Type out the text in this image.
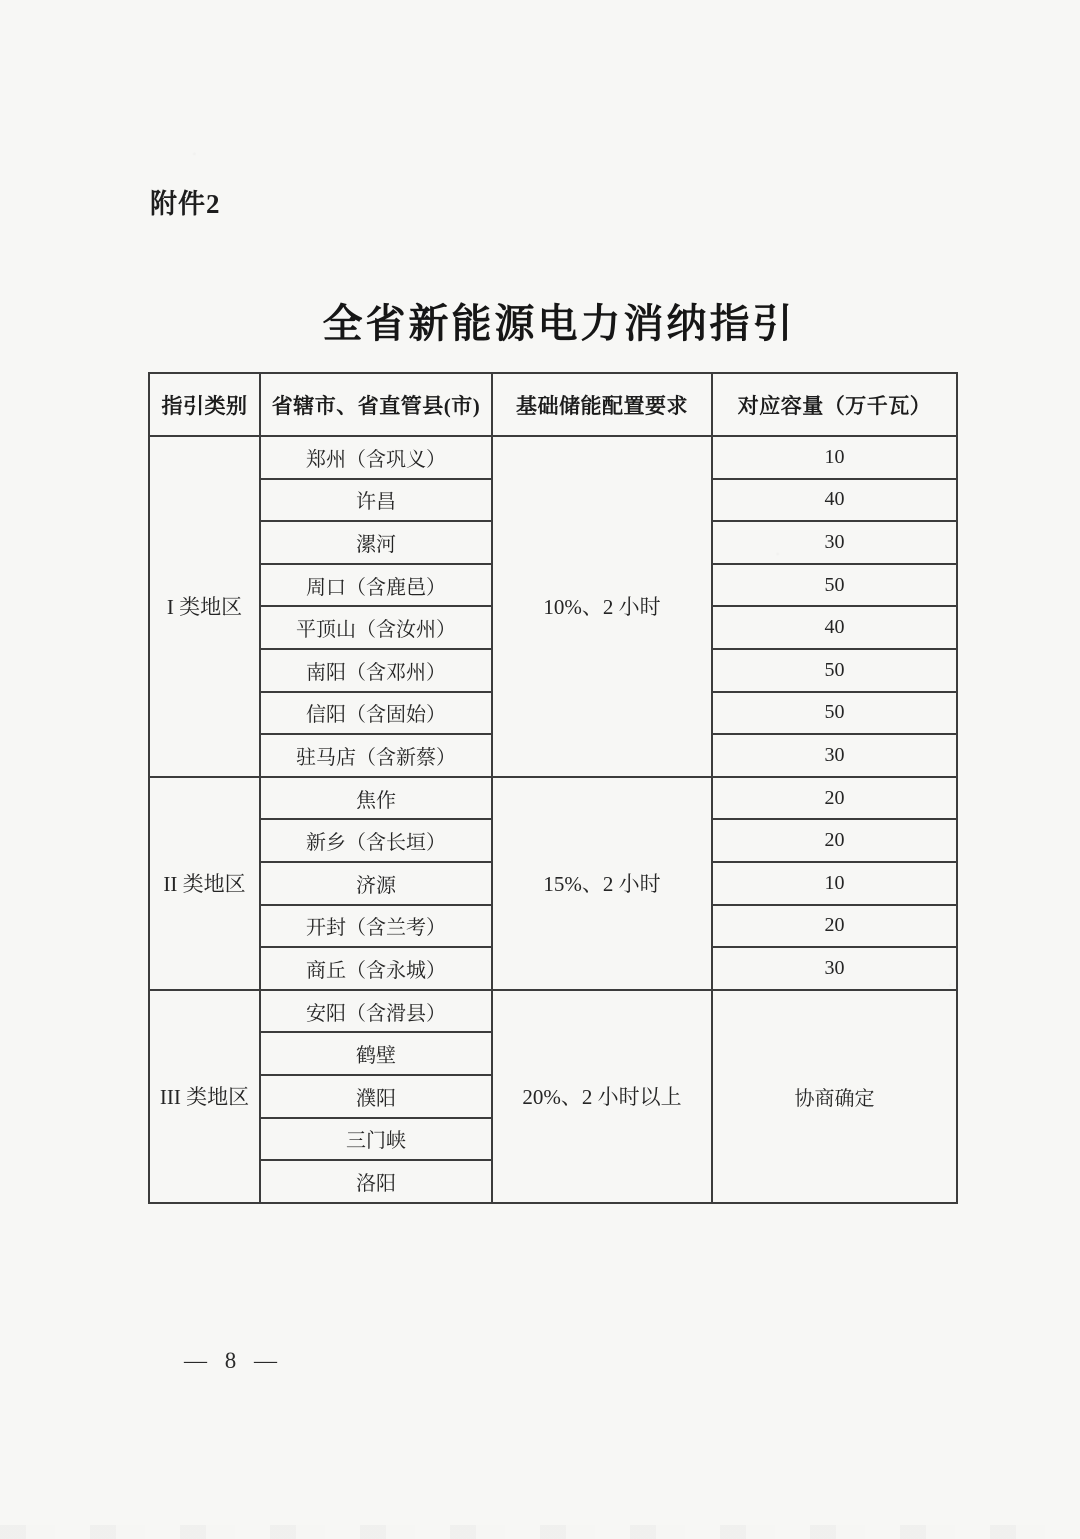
附件2
全省新能源电力消纳指引
指引类别	省辖市、省直管县(市)	基础储能配置要求	对应容量（万千瓦）
I 类地区	郑州（含巩义）	10%、2 小时	10
	许昌		40
	漯河		30
	周口（含鹿邑）		50
	平顶山（含汝州）		40
	南阳（含邓州）		50
	信阳（含固始）		50
	驻马店（含新蔡）		30
II 类地区	焦作	15%、2 小时	20
	新乡（含长垣）		20
	济源		10
	开封（含兰考）		20
	商丘（含永城）		30
III 类地区	安阳（含滑县）	20%、2 小时以上	协商确定
	鹤壁		
	濮阳		
	三门峡		
	洛阳		
— 8 —
